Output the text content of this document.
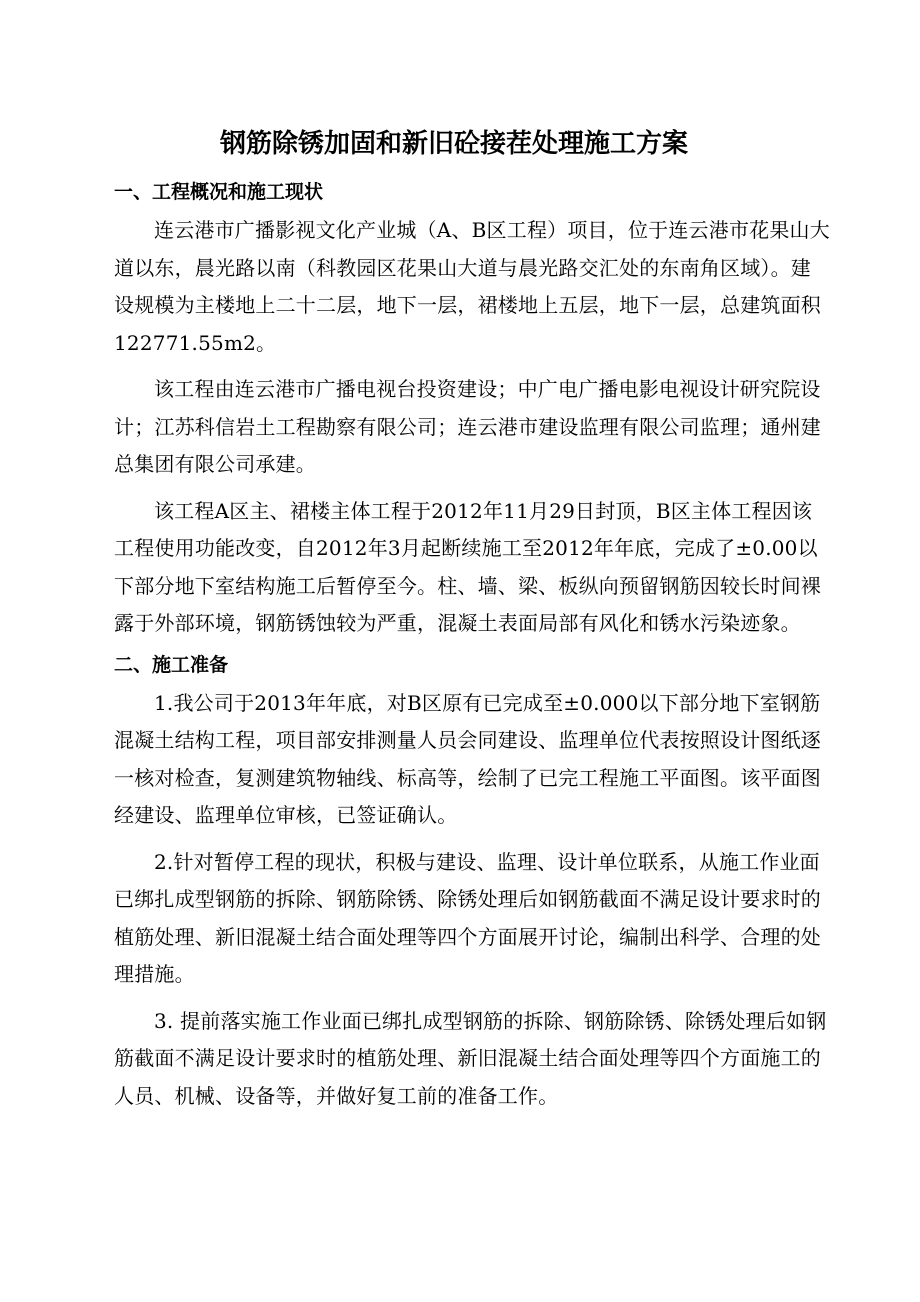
钢筋除锈加固和新旧砼接茬处理施工方案
一、工程概况和施工现状

连云港市广播影视文化产业城（A、B区工程）项目，位于连云港市花果山大道以东，晨光路以南（科教园区花果山大道与晨光路交汇处的东南角区域）。建设规模为主楼地上二十二层，地下一层，裙楼地上五层，地下一层，总建筑面积122771.55m2。

该工程由连云港市广播电视台投资建设；中广电广播电影电视设计研究院设计；江苏科信岩土工程勘察有限公司；连云港市建设监理有限公司监理；通州建总集团有限公司承建。

该工程A区主、裙楼主体工程于2012年11月29日封顶，B区主体工程因该工程使用功能改变，自2012年3月起断续施工至2012年年底，完成了±0.00以下部分地下室结构施工后暂停至今。柱、墙、梁、板纵向预留钢筋因较长时间裸露于外部环境，钢筋锈蚀较为严重，混凝土表面局部有风化和锈水污染迹象。

二、施工准备

1.我公司于2013年年底，对B区原有已完成至±0.000以下部分地下室钢筋混凝土结构工程，项目部安排测量人员会同建设、监理单位代表按照设计图纸逐一核对检查，复测建筑物轴线、标高等，绘制了已完工程施工平面图。该平面图经建设、监理单位审核，已签证确认。

2.针对暂停工程的现状，积极与建设、监理、设计单位联系，从施工作业面已绑扎成型钢筋的拆除、钢筋除锈、除锈处理后如钢筋截面不满足设计要求时的植筋处理、新旧混凝土结合面处理等四个方面展开讨论，编制出科学、合理的处理措施。

3. 提前落实施工作业面已绑扎成型钢筋的拆除、钢筋除锈、除锈处理后如钢筋截面不满足设计要求时的植筋处理、新旧混凝土结合面处理等四个方面施工的人员、机械、设备等，并做好复工前的准备工作。
